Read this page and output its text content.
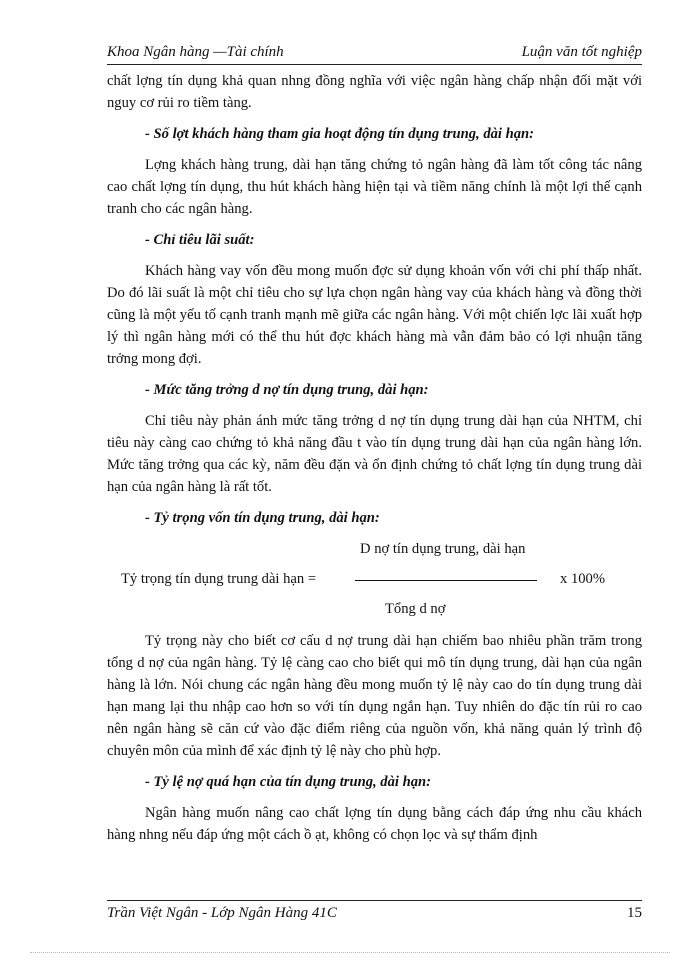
Khoa Ngân hàng —Tài chính	Luận văn tốt nghiệp

chất lợng tín dụng khả quan nhng đồng nghĩa với việc ngân hàng chấp nhận đối mặt với nguy cơ rủi ro tiềm tàng.

- Số lợt khách hàng tham gia hoạt động tín dụng trung, dài hạn:

Lợng khách hàng trung, dài hạn tăng chứng tỏ ngân hàng đã làm tốt công tác nâng cao chất lợng tín dụng, thu hút khách hàng hiện tại và tiềm năng chính là một lợi thế cạnh tranh cho các ngân hàng.

- Chỉ tiêu lãi suất:

Khách hàng vay vốn đều mong muốn đợc sử dụng khoản vốn với chi phí thấp nhất. Do đó lãi suất là một chỉ tiêu cho sự lựa chọn ngân hàng vay của khách hàng và đồng thời cũng là một yếu tố cạnh tranh mạnh mẽ giữa các ngân hàng. Với một chiến lợc lãi xuất hợp lý thì ngân hàng mới có thể thu hút đợc khách hàng mà vẫn đảm bảo có lợi nhuận tăng trởng mong đợi.

- Mức tăng trởng d nợ tín dụng trung, dài hạn:

Chỉ tiêu này phản ánh mức tăng trởng d nợ tín dụng trung dài hạn của NHTM, chỉ tiêu này càng cao chứng tỏ khả năng đầu t vào tín dụng trung dài hạn của ngân hàng lớn. Mức tăng trởng qua các kỳ, năm đều đặn và ổn định chứng tỏ chất lợng tín dụng trung dài hạn của ngân hàng là rất tốt.

- Tỷ trọng vốn tín dụng trung, dài hạn:

D nợ tín dụng trung, dài hạn
Tỷ trọng tín dụng trung dài hạn =	x 100%
Tổng d nợ

Tỷ trọng này cho biết cơ cấu d nợ trung dài hạn chiếm bao nhiêu phần trăm trong tổng d nợ của ngân hàng. Tỷ lệ càng cao cho biết qui mô tín dụng trung, dài hạn của ngân hàng là lớn. Nói chung các ngân hàng đều mong muốn tỷ lệ này cao do tín dụng trung dài hạn mang lại thu nhập cao hơn so với tín dụng ngắn hạn. Tuy nhiên do đặc tín rủi ro cao nên ngân hàng sẽ căn cứ vào đặc điểm riêng của nguồn vốn, khả năng quản lý trình độ chuyên môn của mình để xác định tỷ lệ này cho phù hợp.

- Tỷ lệ nợ quá hạn của tín dụng trung, dài hạn:

Ngân hàng muốn nâng cao chất lợng tín dụng bằng cách đáp ứng nhu cầu khách hàng nhng nếu đáp ứng một cách ồ ạt, không có chọn lọc và sự thẩm định

Trần Việt Ngân - Lớp Ngân Hàng 41C	15
